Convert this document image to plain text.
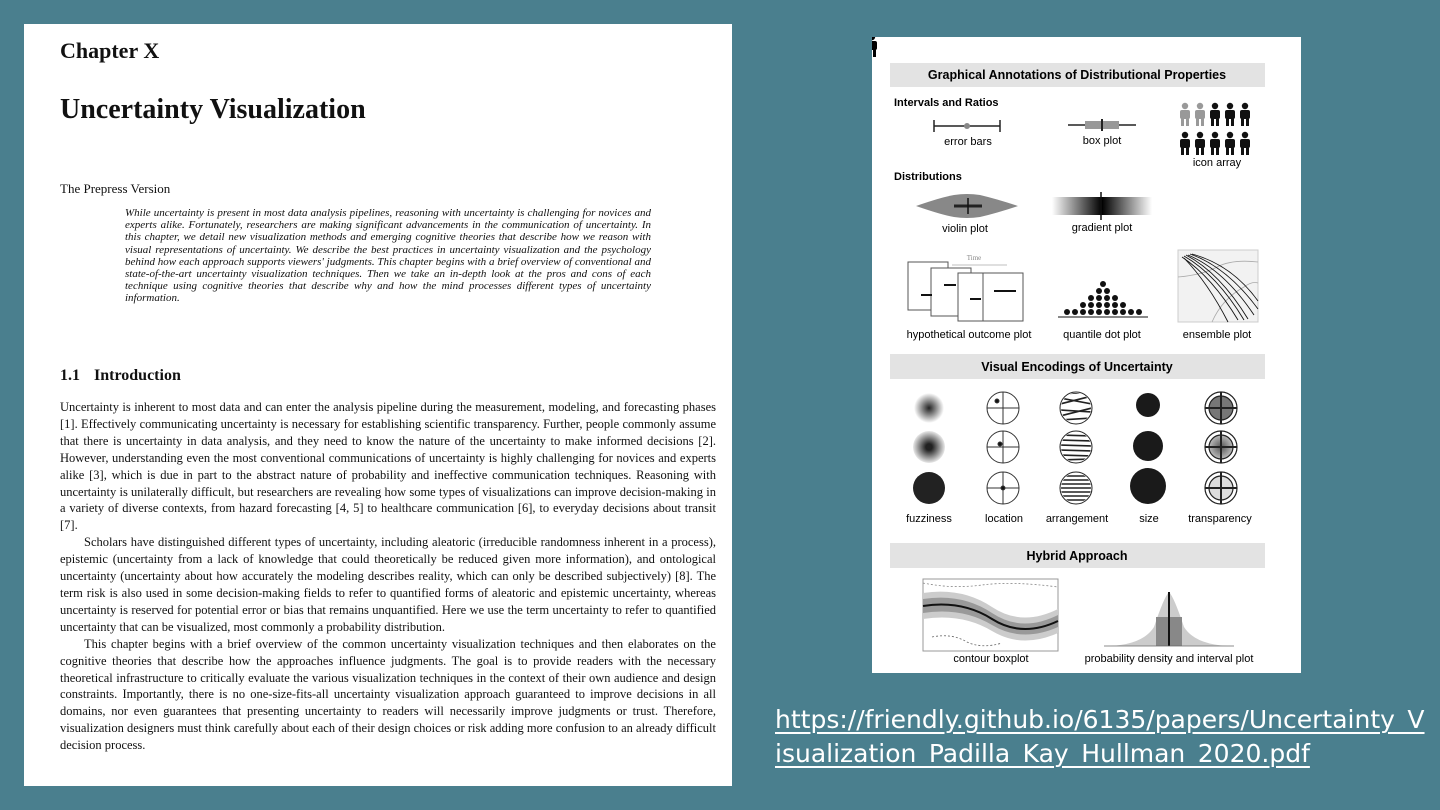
Chapter X
Uncertainty Visualization
The Prepress Version
While uncertainty is present in most data analysis pipelines, reasoning with uncertainty is challenging for novices and experts alike. Fortunately, researchers are making significant advancements in the communication of uncertainty. In this chapter, we detail new visualization methods and emerging cognitive theories that describe how we reason with visual representations of uncertainty. We describe the best practices in uncertainty visualization and the psychology behind how each approach supports viewers' judgments. This chapter begins with a brief overview of conventional and state-of-the-art uncertainty visualization techniques. Then we take an in-depth look at the pros and cons of each technique using cognitive theories that describe why and how the mind processes different types of uncertainty information.
1.1 Introduction

Uncertainty is inherent to most data and can enter the analysis pipeline during the measurement, modeling, and forecasting phases [1]. Effectively communicating uncertainty is necessary for establishing scientific transparency. Further, people commonly assume that there is uncertainty in data analysis, and they need to know the nature of the uncertainty to make informed decisions [2]. However, understanding even the most conventional communications of uncertainty is highly challenging for novices and experts alike [3], which is due in part to the abstract nature of probability and ineffective communication techniques. Reasoning with uncertainty is unilaterally difficult, but researchers are revealing how some types of visualizations can improve decision-making in a variety of diverse contexts, from hazard forecasting [4, 5] to healthcare communication [6], to everyday decisions about transit [7].

Scholars have distinguished different types of uncertainty, including aleatoric (irreducible randomness inherent in a process), epistemic (uncertainty from a lack of knowledge that could theoretically be reduced given more information), and ontological uncertainty (uncertainty about how accurately the modeling describes reality, which can only be described subjectively) [8]. The term risk is also used in some decision-making fields to refer to quantified forms of aleatoric and epistemic uncertainty, whereas uncertainty is reserved for potential error or bias that remains unquantified. Here we use the term uncertainty to refer to quantified uncertainty that can be visualized, most commonly a probability distribution.

This chapter begins with a brief overview of the common uncertainty visualization techniques and then elaborates on the cognitive theories that describe how the approaches influence judgments. The goal is to provide readers with the necessary theoretical infrastructure to critically evaluate the various visualization techniques in the context of their own audience and design constraints. Importantly, there is no one-size-fits-all uncertainty visualization approach guaranteed to improve decisions in all domains, nor even guarantees that presenting uncertainty to readers will necessarily improve judgments or trust. Therefore, visualization designers must think carefully about each of their design choices or risk adding more confusion to an already difficult decision process.

Graphical Annotations of Distributional Properties
Intervals and Ratios
error bars	box plot
icon array
Distributions
violin plot	gradient plot
Time
hypothetical outcome plot	quantile dot plot	ensemble plot
Visual Encodings of Uncertainty
fuzziness	location arrangement	size	transparency
Hybrid Approach
contour boxplot	probability density and interval plot
https://friendly.github.io/6135/papers/Uncertainty_Visualization_Padilla_Kay_Hullman_2020.pdf
